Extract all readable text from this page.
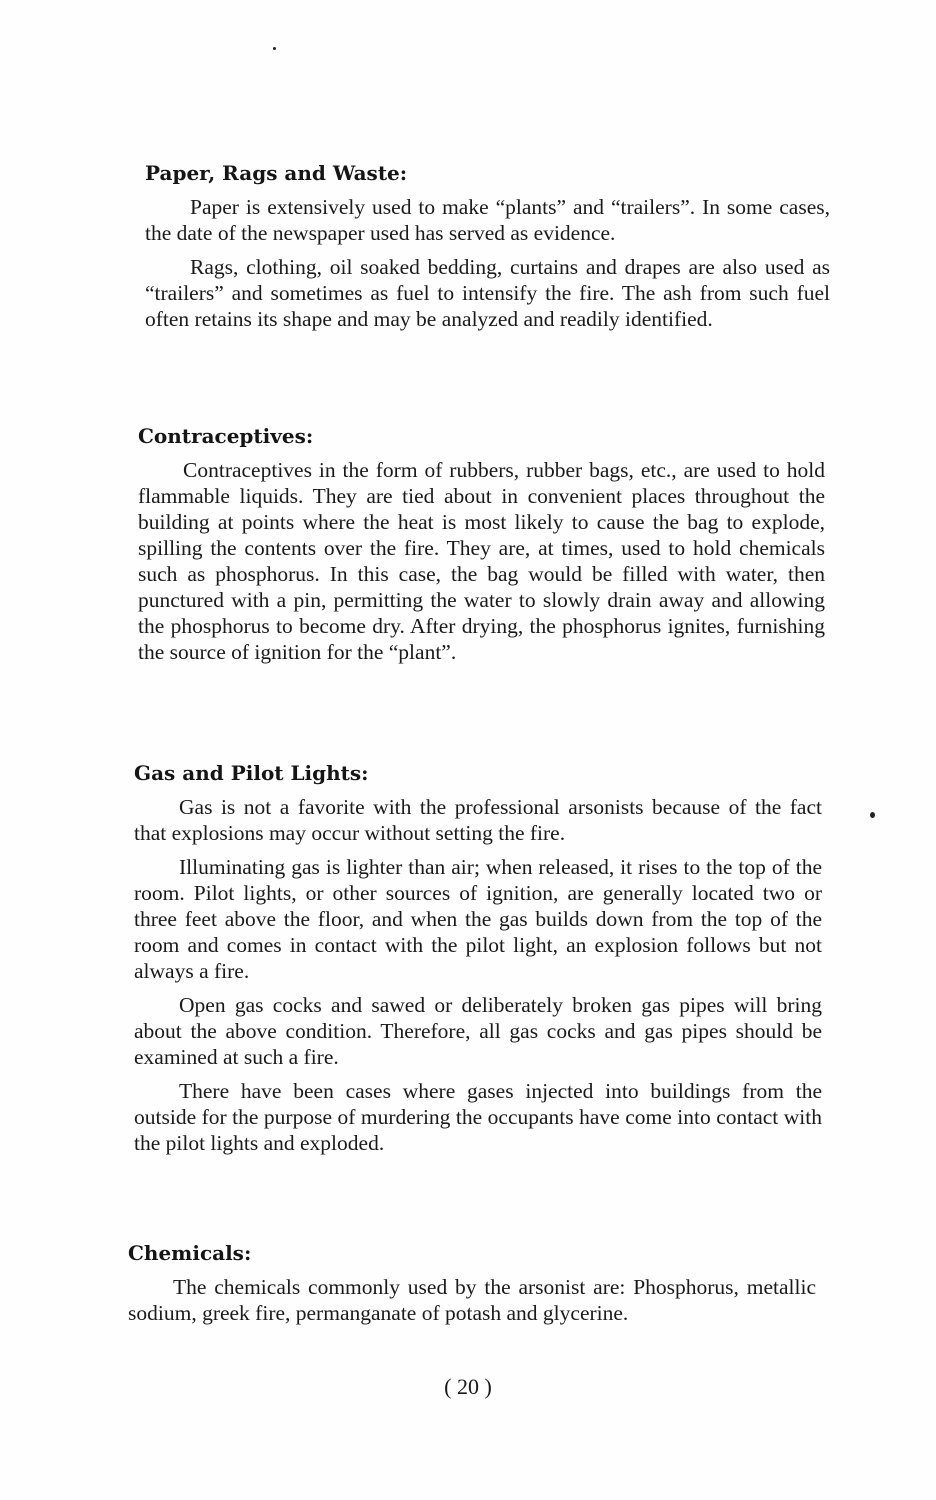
Paper, Rags and Waste:

Paper is extensively used to make “plants” and “trailers”. In some cases, the date of the newspaper used has served as evidence.

Rags, clothing, oil soaked bedding, curtains and drapes are also used as “trailers” and sometimes as fuel to intensify the fire. The ash from such fuel often retains its shape and may be analyzed and readily identified.

Contraceptives:

Contraceptives in the form of rubbers, rubber bags, etc., are used to hold flammable liquids. They are tied about in convenient places throughout the building at points where the heat is most likely to cause the bag to explode, spilling the contents over the fire. They are, at times, used to hold chemicals such as phosphorus. In this case, the bag would be filled with water, then punctured with a pin, permitting the water to slowly drain away and allowing the phosphorus to become dry. After drying, the phosphorus ignites, furnishing the source of ignition for the “plant”.

Gas and Pilot Lights:

Gas is not a favorite with the professional arsonists because of the fact that explosions may occur without setting the fire.

Illuminating gas is lighter than air; when released, it rises to the top of the room. Pilot lights, or other sources of ignition, are generally located two or three feet above the floor, and when the gas builds down from the top of the room and comes in contact with the pilot light, an explosion follows but not always a fire.

Open gas cocks and sawed or deliberately broken gas pipes will bring about the above condition. Therefore, all gas cocks and gas pipes should be examined at such a fire.

There have been cases where gases injected into buildings from the outside for the purpose of murdering the occupants have come into contact with the pilot lights and exploded.

Chemicals:

The chemicals commonly used by the arsonist are: Phosphorus, metallic sodium, greek fire, permanganate of potash and glycerine.

( 20 )
